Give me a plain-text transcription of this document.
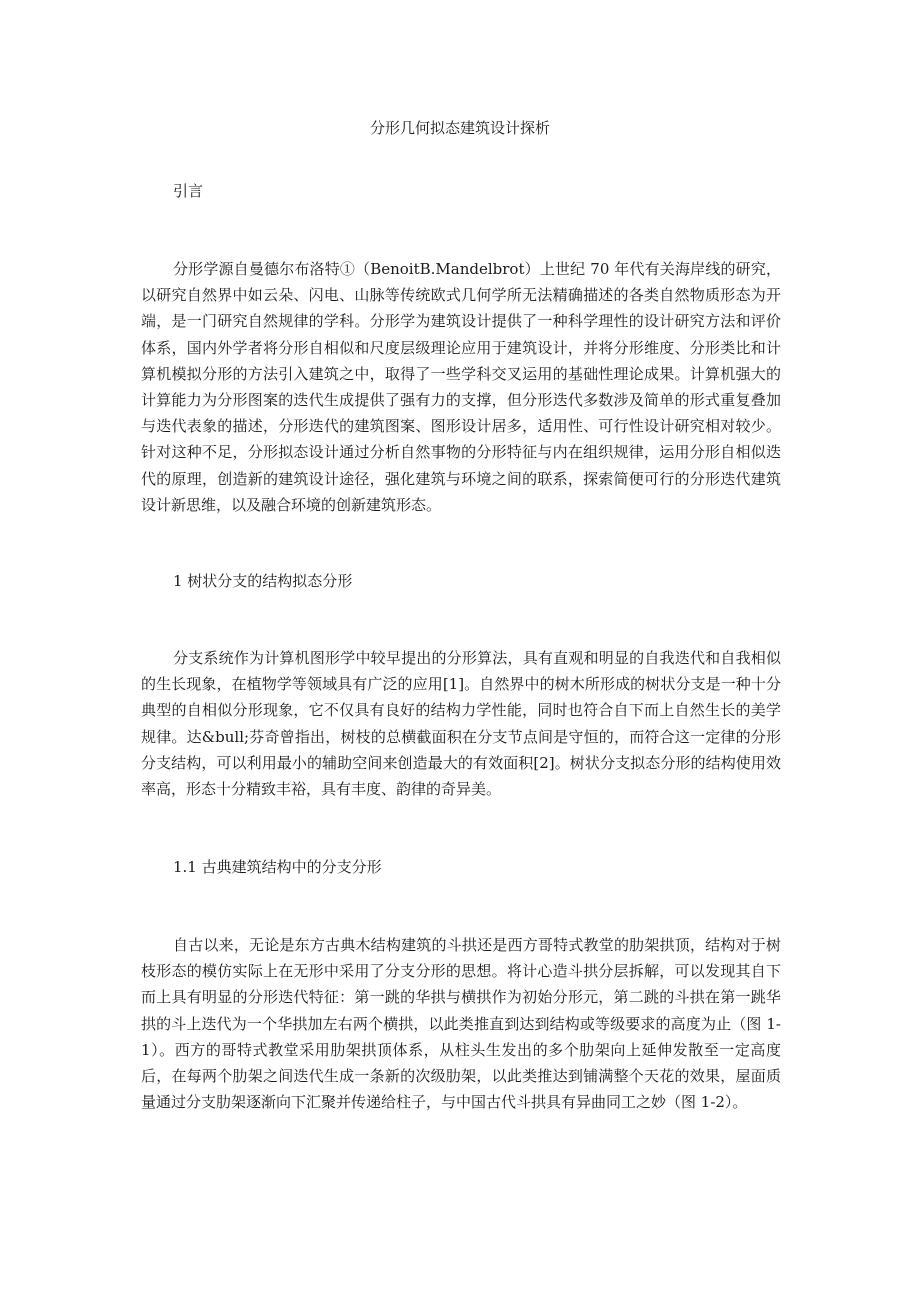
分形几何拟态建筑设计探析
引言

分形学源自曼德尔布洛特①（BenoitB.Mandelbrot）上世纪 70 年代有关海岸线的研究，以研究自然界中如云朵、闪电、山脉等传统欧式几何学所无法精确描述的各类自然物质形态为开端，是一门研究自然规律的学科。分形学为建筑设计提供了一种科学理性的设计研究方法和评价体系，国内外学者将分形自相似和尺度层级理论应用于建筑设计，并将分形维度、分形类比和计算机模拟分形的方法引入建筑之中，取得了一些学科交叉运用的基础性理论成果。计算机强大的计算能力为分形图案的迭代生成提供了强有力的支撑，但分形迭代多数涉及简单的形式重复叠加与迭代表象的描述，分形迭代的建筑图案、图形设计居多，适用性、可行性设计研究相对较少。针对这种不足，分形拟态设计通过分析自然事物的分形特征与内在组织规律，运用分形自相似迭代的原理，创造新的建筑设计途径，强化建筑与环境之间的联系，探索简便可行的分形迭代建筑设计新思维，以及融合环境的创新建筑形态。

1 树状分支的结构拟态分形

分支系统作为计算机图形学中较早提出的分形算法，具有直观和明显的自我迭代和自我相似的生长现象，在植物学等领域具有广泛的应用[1]。自然界中的树木所形成的树状分支是一种十分典型的自相似分形现象，它不仅具有良好的结构力学性能，同时也符合自下而上自然生长的美学规律。达&bull;芬奇曾指出，树枝的总横截面积在分支节点间是守恒的，而符合这一定律的分形分支结构，可以利用最小的辅助空间来创造最大的有效面积[2]。树状分支拟态分形的结构使用效率高，形态十分精致丰裕，具有丰度、韵律的奇异美。

1.1 古典建筑结构中的分支分形

自古以来，无论是东方古典木结构建筑的斗拱还是西方哥特式教堂的肋架拱顶，结构对于树枝形态的模仿实际上在无形中采用了分支分形的思想。将计心造斗拱分层拆解，可以发现其自下而上具有明显的分形迭代特征：第一跳的华拱与横拱作为初始分形元，第二跳的斗拱在第一跳华拱的斗上迭代为一个华拱加左右两个横拱，以此类推直到达到结构或等级要求的高度为止（图 1-1）。西方的哥特式教堂采用肋架拱顶体系，从柱头生发出的多个肋架向上延伸发散至一定高度后，在每两个肋架之间迭代生成一条新的次级肋架，以此类推达到铺满整个天花的效果，屋面质量通过分支肋架逐渐向下汇聚并传递给柱子，与中国古代斗拱具有异曲同工之妙（图 1-2）。
